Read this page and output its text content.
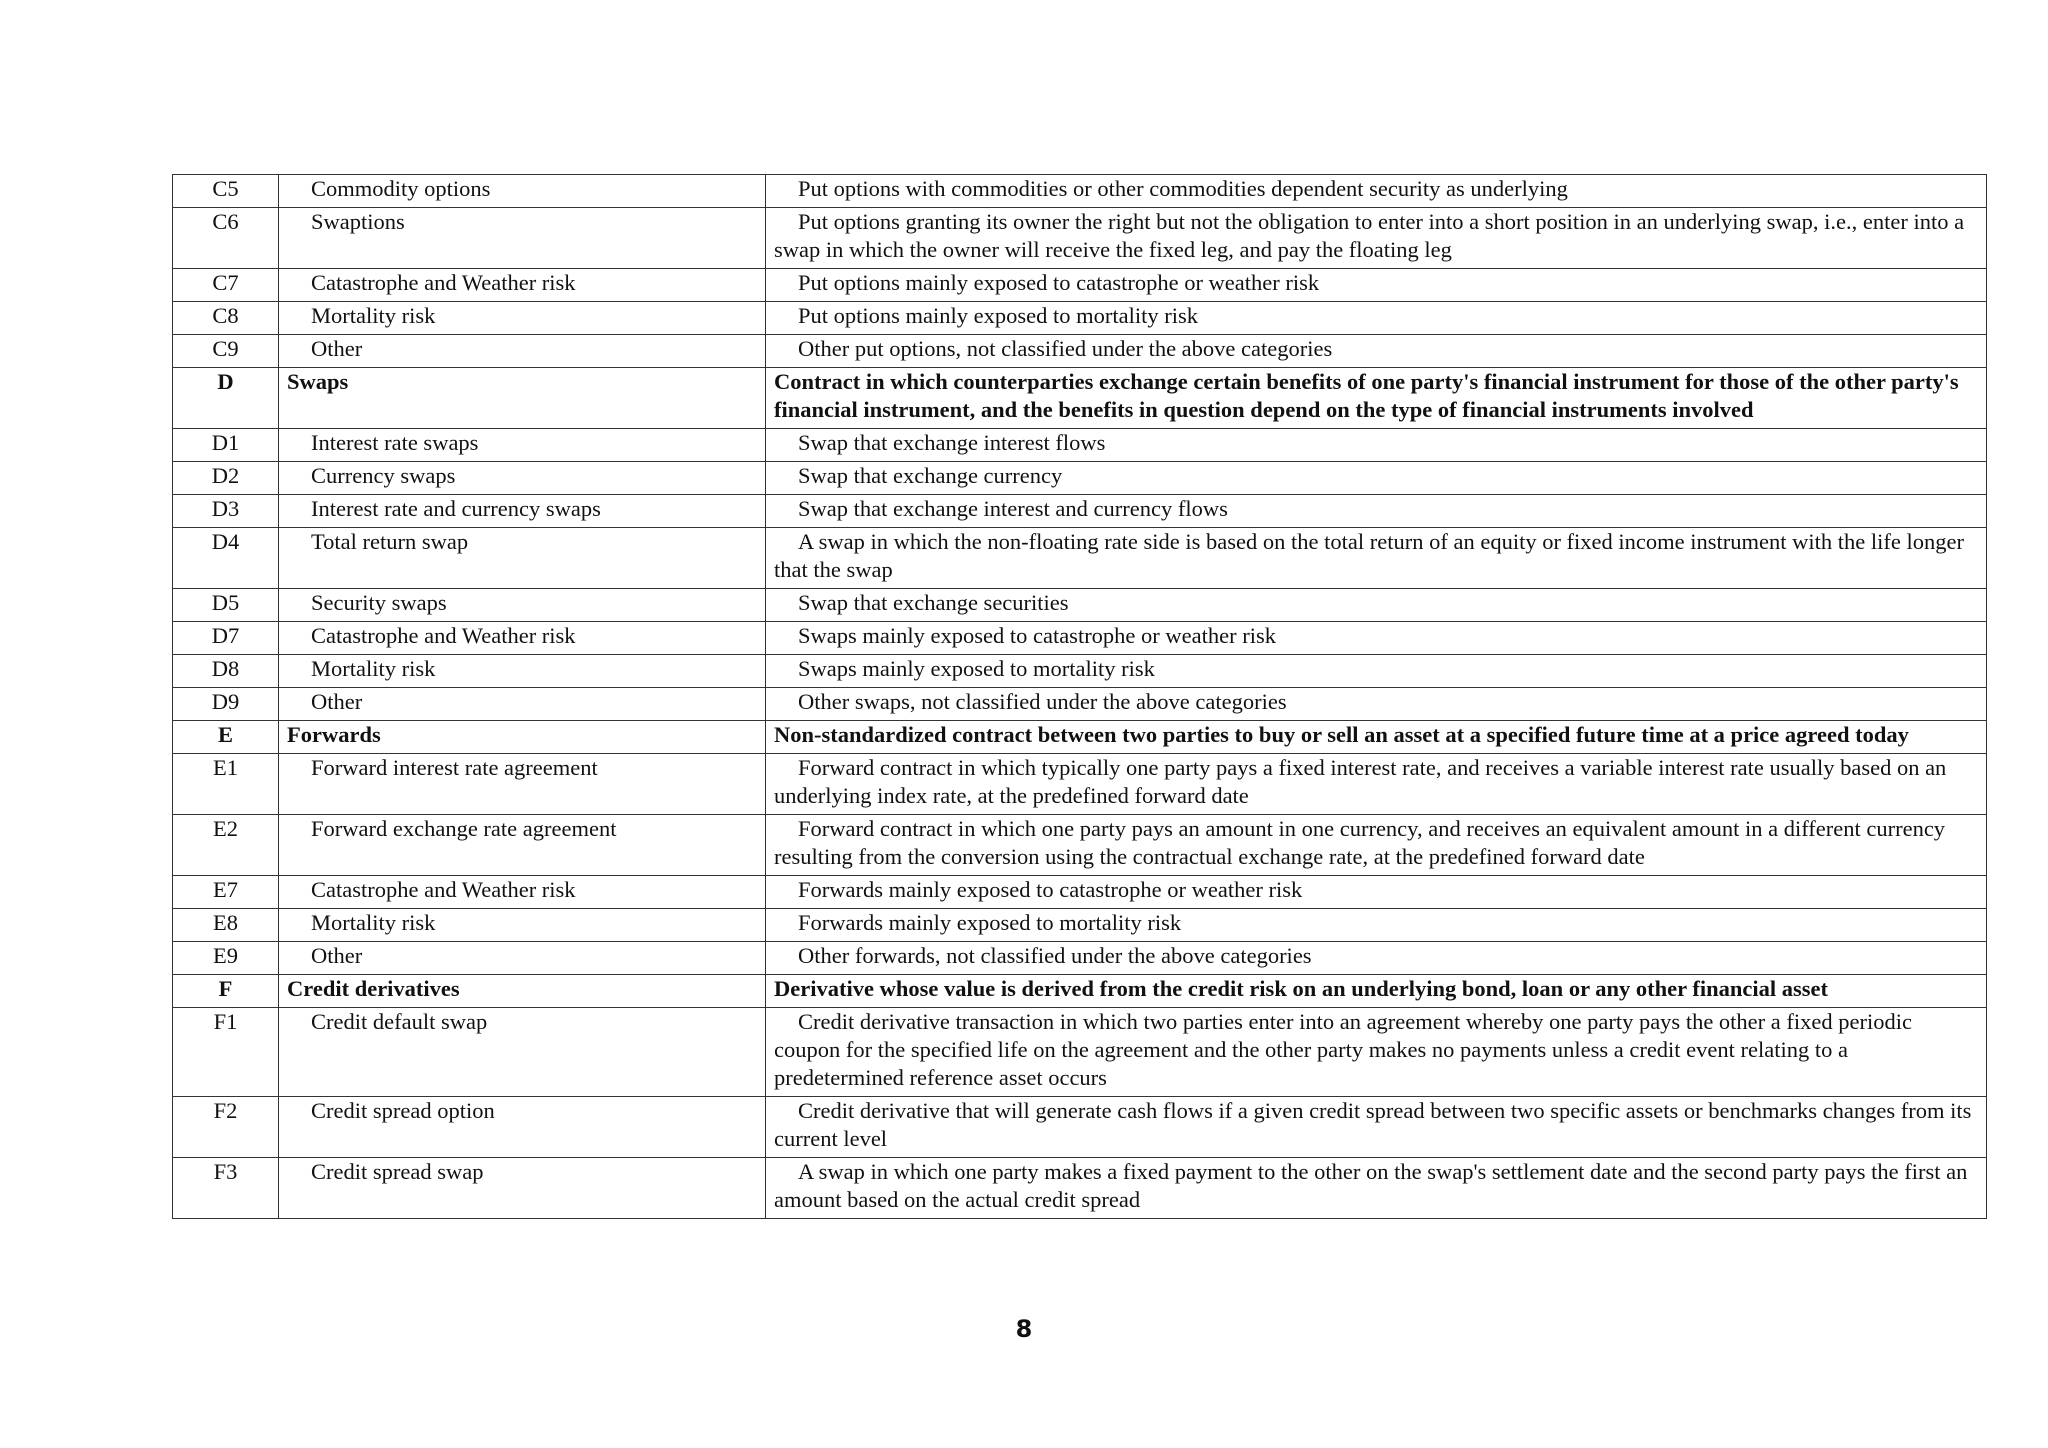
C5	Commodity options	Put options with commodities or other commodities dependent security as underlying
C6	Swaptions	Put options granting its owner the right but not the obligation to enter into a short position in an underlying swap, i.e., enter into a swap in which the owner will receive the fixed leg, and pay the floating leg
C7	Catastrophe and Weather risk	Put options mainly exposed to catastrophe or weather risk
C8	Mortality risk	Put options mainly exposed to mortality risk
C9	Other	Other put options, not classified under the above categories
D	Swaps	Contract in which counterparties exchange certain benefits of one party's financial instrument for those of the other party's financial instrument, and the benefits in question depend on the type of financial instruments involved
D1	Interest rate swaps	Swap that exchange interest flows
D2	Currency swaps	Swap that exchange currency
D3	Interest rate and currency swaps	Swap that exchange interest and currency flows
D4	Total return swap	A swap in which the non-floating rate side is based on the total return of an equity or fixed income instrument with the life longer that the swap
D5	Security swaps	Swap that exchange securities
D7	Catastrophe and Weather risk	Swaps mainly exposed to catastrophe or weather risk
D8	Mortality risk	Swaps mainly exposed to mortality risk
D9	Other	Other swaps, not classified under the above categories
E	Forwards	Non-standardized contract between two parties to buy or sell an asset at a specified future time at a price agreed today
E1	Forward interest rate agreement	Forward contract in which typically one party pays a fixed interest rate, and receives a variable interest rate usually based on an underlying index rate, at the predefined forward date
E2	Forward exchange rate agreement	Forward contract in which one party pays an amount in one currency, and receives an equivalent amount in a different currency resulting from the conversion using the contractual exchange rate, at the predefined forward date
E7	Catastrophe and Weather risk	Forwards mainly exposed to catastrophe or weather risk
E8	Mortality risk	Forwards mainly exposed to mortality risk
E9	Other	Other forwards, not classified under the above categories
F	Credit derivatives	Derivative whose value is derived from the credit risk on an underlying bond, loan or any other financial asset
F1	Credit default swap	Credit derivative transaction in which two parties enter into an agreement whereby one party pays the other a fixed periodic coupon for the specified life on the agreement and the other party makes no payments unless a credit event relating to a predetermined reference asset occurs
F2	Credit spread option	Credit derivative that will generate cash flows if a given credit spread between two specific assets or benchmarks changes from its current level
F3	Credit spread swap	A swap in which one party makes a fixed payment to the other on the swap's settlement date and the second party pays the first an amount based on the actual credit spread
8
